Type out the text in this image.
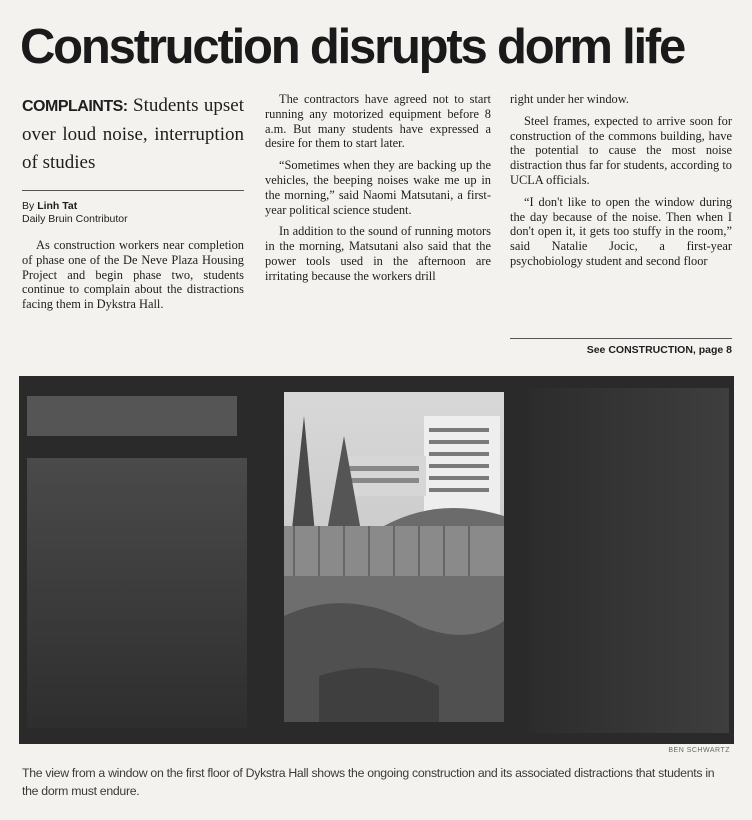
Construction disrupts dorm life

COMPLAINTS: Students upset over loud noise, interruption of studies

By Linh Tat
Daily Bruin Contributor

As construction workers near completion of phase one of the De Neve Plaza Housing Project and begin phase two, students continue to complain about the distractions facing them in Dykstra Hall.

The contractors have agreed not to start running any motorized equipment before 8 a.m. But many students have expressed a desire for them to start later.

“Sometimes when they are backing up the vehicles, the beeping noises wake me up in the morning,” said Naomi Matsutani, a first-year political science student.

In addition to the sound of running motors in the morning, Matsutani also said that the power tools used in the afternoon are irritating because the workers drill

right under her window.

Steel frames, expected to arrive soon for construction of the commons building, have the potential to cause the most noise distraction thus far for students, according to UCLA officials.

“I don't like to open the window during the day because of the noise. Then when I don't open it, it gets too stuffy in the room,” said Natalie Jocic, a first-year psychobiology student and second floor

See CONSTRUCTION, page 8
BEN SCHWARTZ
The view from a window on the first floor of Dykstra Hall shows the ongoing construction and its associated distractions that students in the dorm must endure.
